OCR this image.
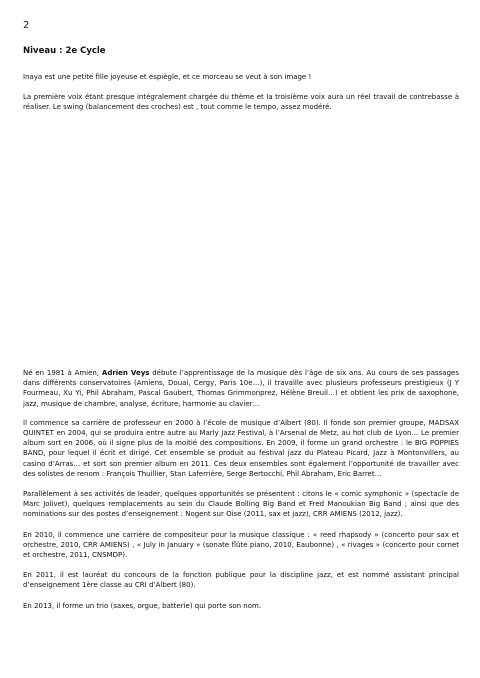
2
Niveau : 2e Cycle

Inaya est une petite fille joyeuse et espiègle, et ce morceau se veut à son image !

La première voix étant presque intégralement chargée du thème et la troisième voix aura un réel travail de contrebasse à réaliser. Le swing (balancement des croches) est , tout comme le tempo, assez modéré.

Né en 1981 à Amien, Adrien Veys débute l’apprentissage de la musique dès l’âge de six ans. Au cours de ses passages dans différents conservatoires (Amiens, Douai, Cergy, Paris 10e…), il travaille avec plusieurs professeurs prestigieux (J Y Fourmeau, Xu Yi, Phil Abraham, Pascal Gaubert, Thomas Grimmonprez, Hélène Breuil…) et obtient les prix de saxophone, jazz, musique de chambre, analyse, écriture, harmonie au clavier…

Il commence sa carrière de professeur en 2000 à l’école de musique d’Albert (80). Il fonde son premier groupe, MADSAX QUINTET en 2004, qui se produira entre autre au Marly Jazz Festival, à l’Arsenal de Metz, au hot club de Lyon… Le premier album sort en 2006, où il signe plus de la moitié des compositions. En 2009, il forme un grand orchestre : le BIG POPPIES BAND, pour lequel il écrit et dirige. Cet ensemble se produit au festival jazz du Plateau Picard, Jazz à Montonvillers, au casino d’Arras… et sort son premier album en 2011. Ces deux ensembles sont également l’opportunité de travailler avec des solistes de renom : François Thuillier, Stan Laferrière, Serge Bertocchi, Phil Abraham, Eric Barret…

Parallèlement à ses activités de leader, quelques opportunités se présentent : citons le « comic symphonic » (spectacle de Marc Jolivet), quelques remplacements au sein du Claude Bolling Big Band et Fred Manoukian Big Band ; ainsi que des nominations sur des postes d’enseignement : Nogent sur Oise (2011, sax et jazz), CRR AMIENS (2012, jazz).

En 2010, il commence une carrière de compositeur pour la musique classique : « reed rhapsody » (concerto pour sax et orchestre, 2010, CRR AMIENS) , « July in January » (sonate flûte piano, 2010, Eaubonne) , « rivages » (concerto pour cornet et orchestre, 2011, CNSMDP).

En 2011, il est lauréat du concours de la fonction publique pour la discipline jazz, et est nommé assistant principal d’enseignement 1ère classe au CRI d’Albert (80).

En 2013, il forme un trio (saxes, orgue, batterie) qui porte son nom.
